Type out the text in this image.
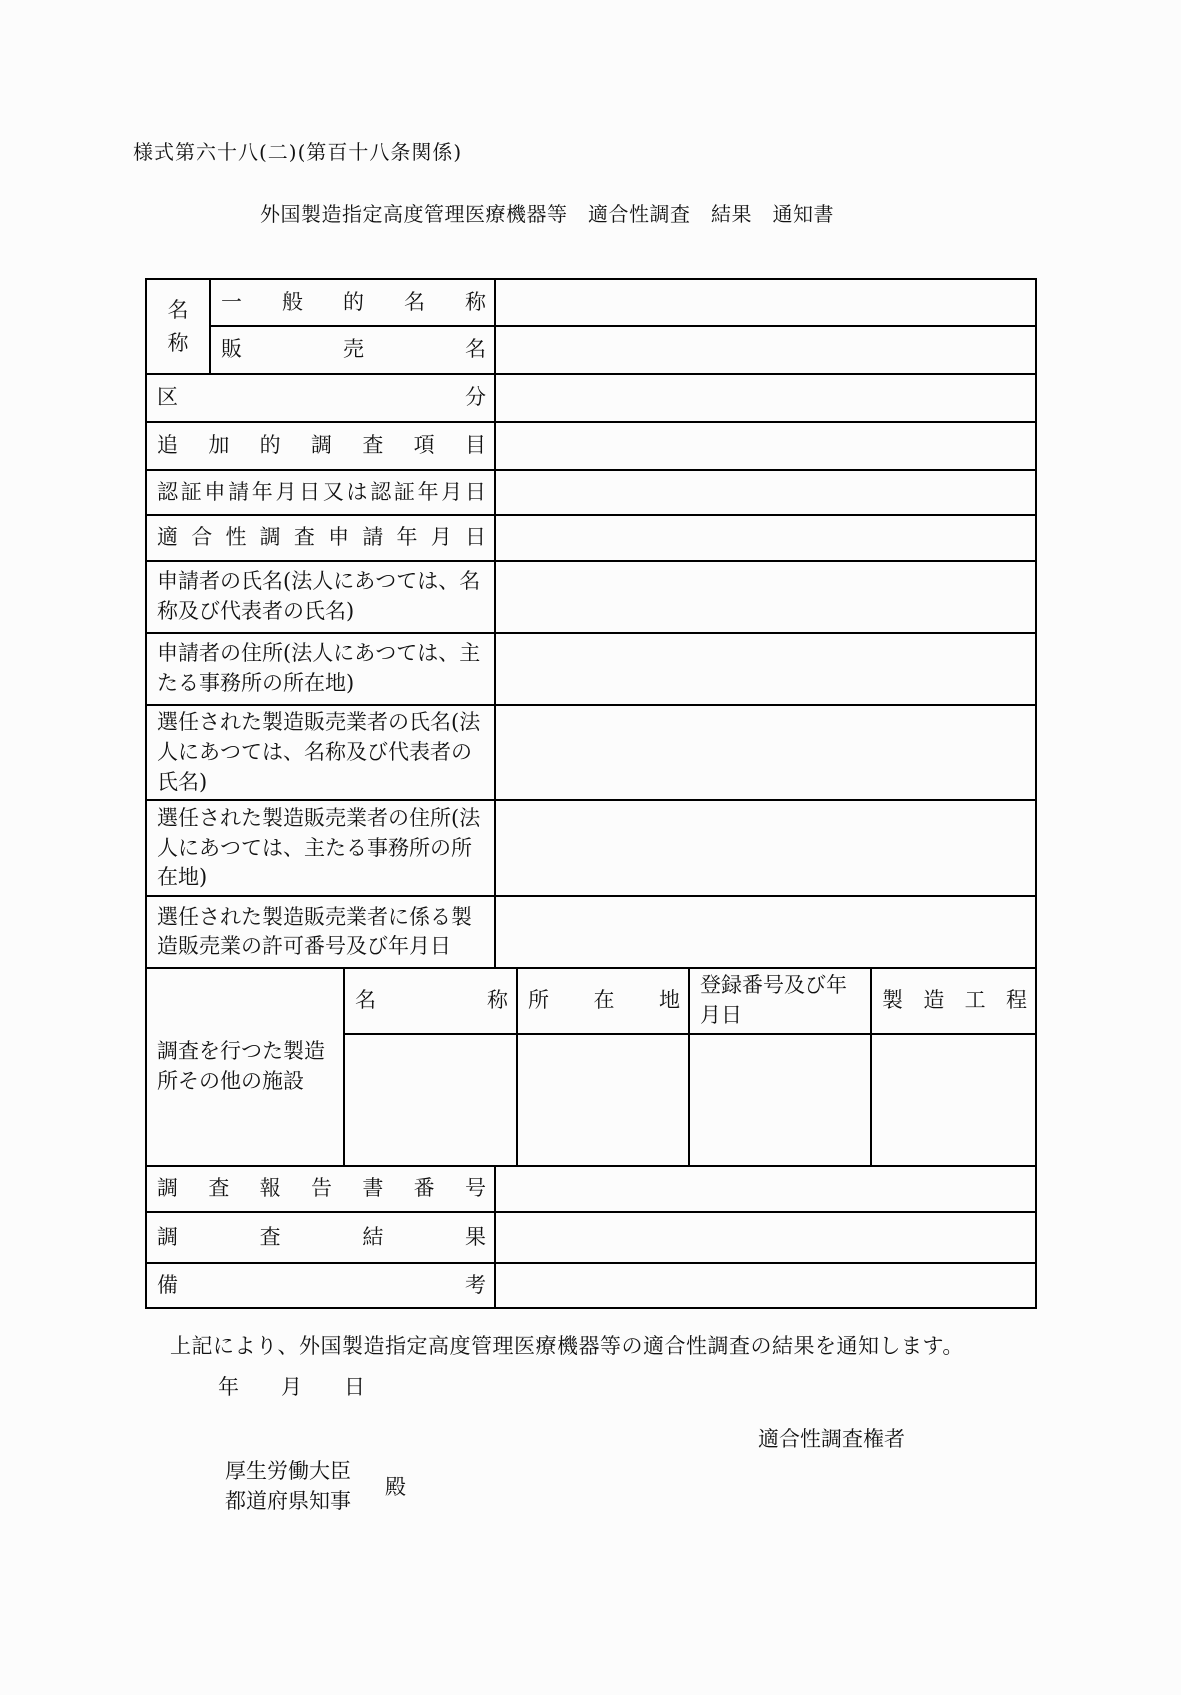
様式第六十八(二)(第百十八条関係)
外国製造指定高度管理医療機器等　適合性調査　結果　通知書
名称	一般的名称					
	販売名					
区分						
追加的調査項目						
認証申請年月日又は認証年月日						
適合性調査申請年月日						
申請者の氏名(法人にあつては、名称及び代表者の氏名)						
申請者の住所(法人にあつては、主たる事務所の所在地)						
選任された製造販売業者の氏名(法人にあつては、名称及び代表者の氏名)						
選任された製造販売業者の住所(法人にあつては、主たる事務所の所在地)						
選任された製造販売業者に係る製造販売業の許可番号及び年月日						
調査を行つた製造所その他の施設		名称		所在地	登録番号及び年月日	製造工程

調査報告書番号						
調査結果						
備考						
上記により、外国製造指定高度管理医療機器等の適合性調査の結果を通知します。
年　　月　　日
適合性調査権者
厚生労働大臣
都道府県知事
殿
